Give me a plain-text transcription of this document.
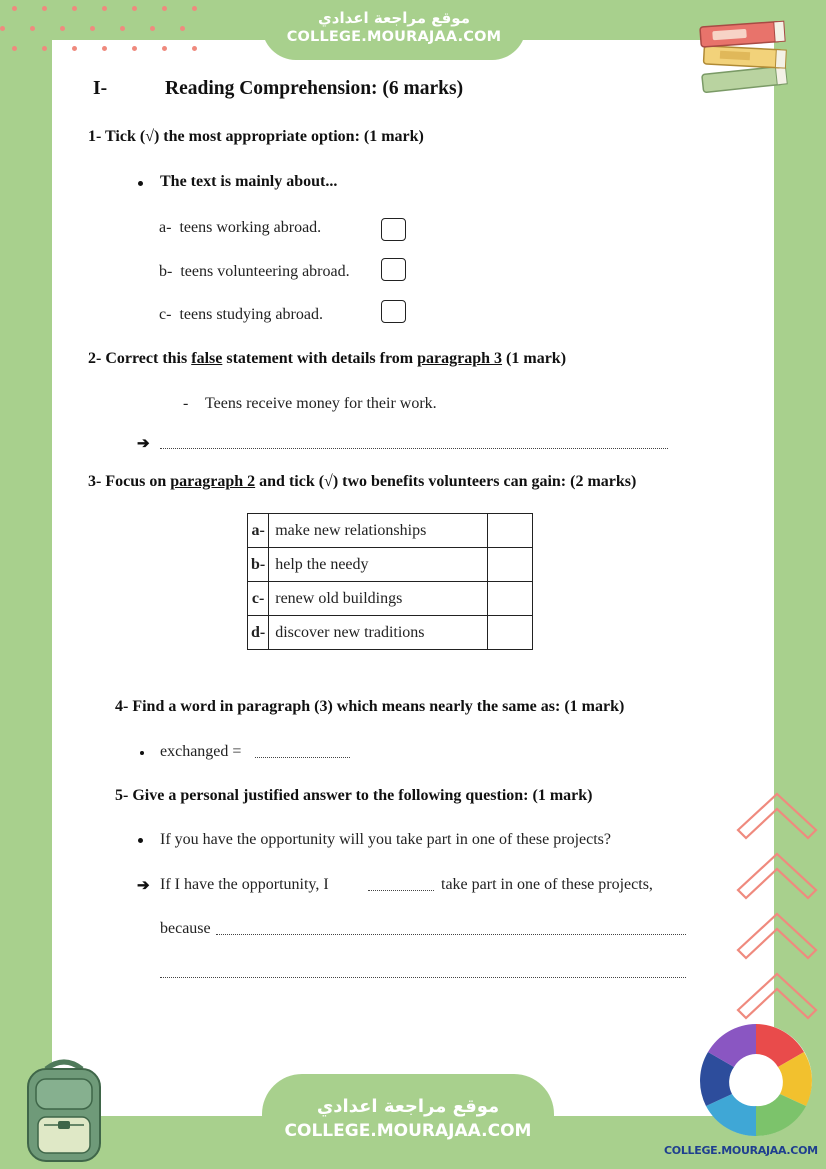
موقع مراجعة اعدادي
COLLEGE.MOURAJAA.COM
I-	Reading Comprehension: (6 marks)
1- Tick (√) the most appropriate option: (1 mark)
The text is mainly about...
a- teens working abroad.
b- teens volunteering abroad.
c- teens studying abroad.
2- Correct this false statement with details from paragraph 3 (1 mark)
- Teens receive money for their work.
➔
3- Focus on paragraph 2 and tick (√) two benefits volunteers can gain: (2 marks)
a-	make new relationships	
b-	help the needy	
c-	renew old buildings	
d-	discover new traditions	
4- Find a word in paragraph (3) which means nearly the same as: (1 mark)
exchanged =
5- Give a personal justified answer to the following question: (1 mark)
If you have the opportunity will you take part in one of these projects?
➔ If I have the opportunity, I	take part in one of these projects,
because
موقع مراجعة اعدادي
COLLEGE.MOURAJAA.COM
COLLEGE.MOURAJAA.COM
